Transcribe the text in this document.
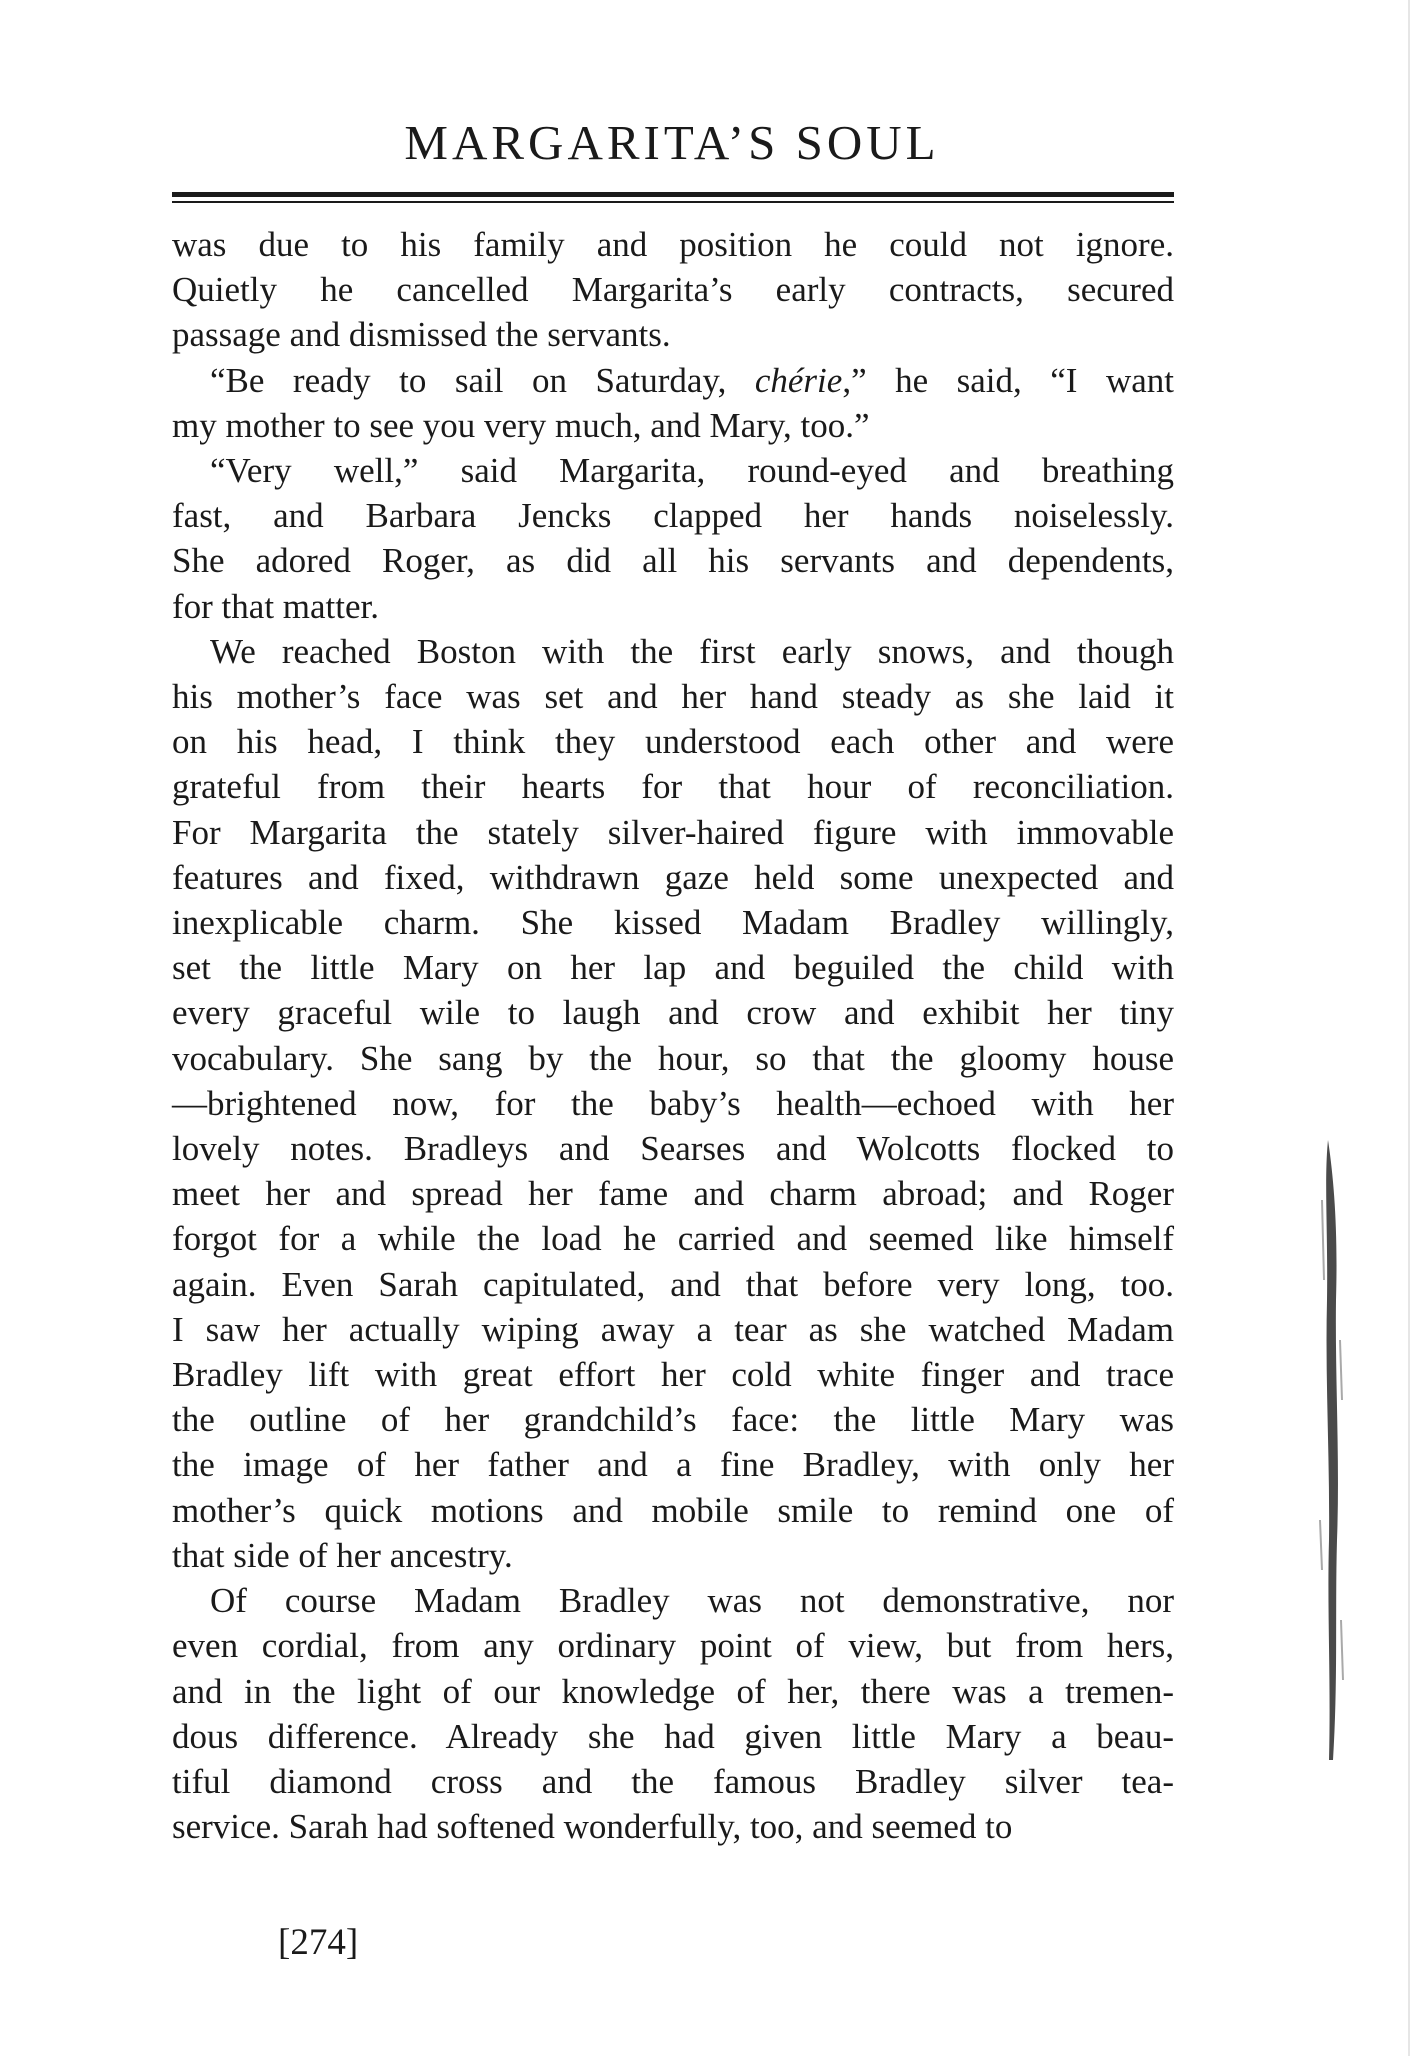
MARGARITA’S SOUL
was due to his family and position he could not ignore.
Quietly he cancelled Margarita’s early contracts, secured
passage and dismissed the servants.
“Be ready to sail on Saturday, chérie,” he said, “I want
my mother to see you very much, and Mary, too.”
“Very well,” said Margarita, round-eyed and breathing
fast, and Barbara Jencks clapped her hands noiselessly.
She adored Roger, as did all his servants and dependents,
for that matter.
We reached Boston with the first early snows, and though
his mother’s face was set and her hand steady as she laid it
on his head, I think they understood each other and were
grateful from their hearts for that hour of reconciliation.
For Margarita the stately silver-haired figure with immovable
features and fixed, withdrawn gaze held some unexpected and
inexplicable charm. She kissed Madam Bradley willingly,
set the little Mary on her lap and beguiled the child with
every graceful wile to laugh and crow and exhibit her tiny
vocabulary. She sang by the hour, so that the gloomy house
—brightened now, for the baby’s health—echoed with her
lovely notes. Bradleys and Searses and Wolcotts flocked to
meet her and spread her fame and charm abroad; and Roger
forgot for a while the load he carried and seemed like himself
again. Even Sarah capitulated, and that before very long, too.
I saw her actually wiping away a tear as she watched Madam
Bradley lift with great effort her cold white finger and trace
the outline of her grandchild’s face: the little Mary was
the image of her father and a fine Bradley, with only her
mother’s quick motions and mobile smile to remind one of
that side of her ancestry.
Of course Madam Bradley was not demonstrative, nor
even cordial, from any ordinary point of view, but from hers,
and in the light of our knowledge of her, there was a tremen-
dous difference. Already she had given little Mary a beau-
tiful diamond cross and the famous Bradley silver tea-
service. Sarah had softened wonderfully, too, and seemed to
[274]
